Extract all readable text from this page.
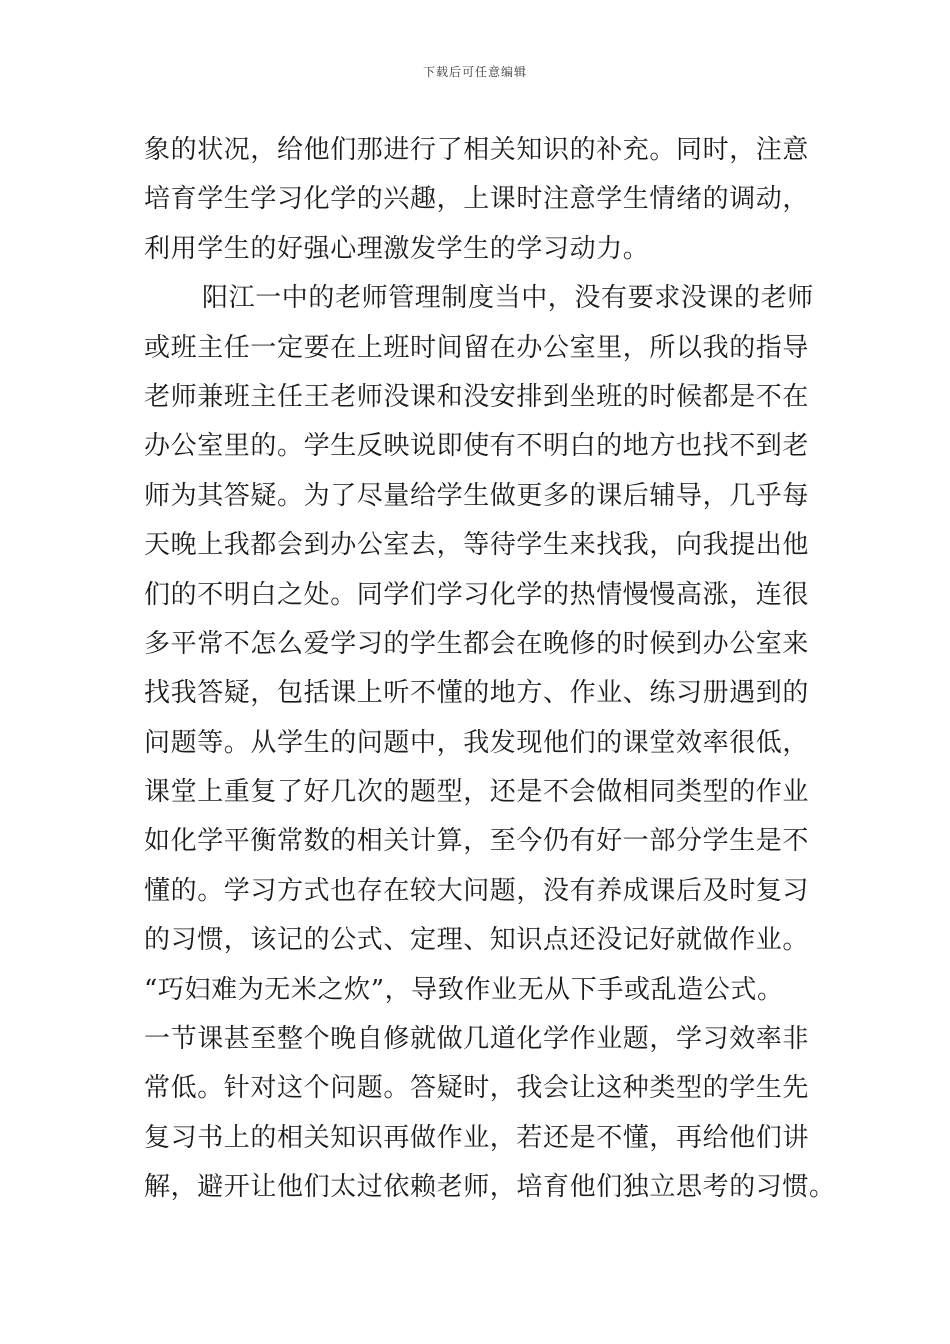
下载后可任意编辑
象的状况，给他们那进行了相关知识的补充。同时，注意
培育学生学习化学的兴趣，上课时注意学生情绪的调动，
利用学生的好强心理激发学生的学习动力。
阳江一中的老师管理制度当中，没有要求没课的老师
或班主任一定要在上班时间留在办公室里，所以我的指导
老师兼班主任王老师没课和没安排到坐班的时候都是不在
办公室里的。学生反映说即使有不明白的地方也找不到老
师为其答疑。为了尽量给学生做更多的课后辅导，几乎每
天晚上我都会到办公室去，等待学生来找我，向我提出他
们的不明白之处。同学们学习化学的热情慢慢高涨，连很
多平常不怎么爱学习的学生都会在晚修的时候到办公室来
找我答疑，包括课上听不懂的地方、作业、练习册遇到的
问题等。从学生的问题中，我发现他们的课堂效率很低，
课堂上重复了好几次的题型，还是不会做相同类型的作业
如化学平衡常数的相关计算，至今仍有好一部分学生是不
懂的。学习方式也存在较大问题，没有养成课后及时复习
的习惯，该记的公式、定理、知识点还没记好就做作业。
“巧妇难为无米之炊”，导致作业无从下手或乱造公式。
一节课甚至整个晚自修就做几道化学作业题，学习效率非
常低。针对这个问题。答疑时，我会让这种类型的学生先
复习书上的相关知识再做作业，若还是不懂，再给他们讲
解，避开让他们太过依赖老师，培育他们独立思考的习惯。
